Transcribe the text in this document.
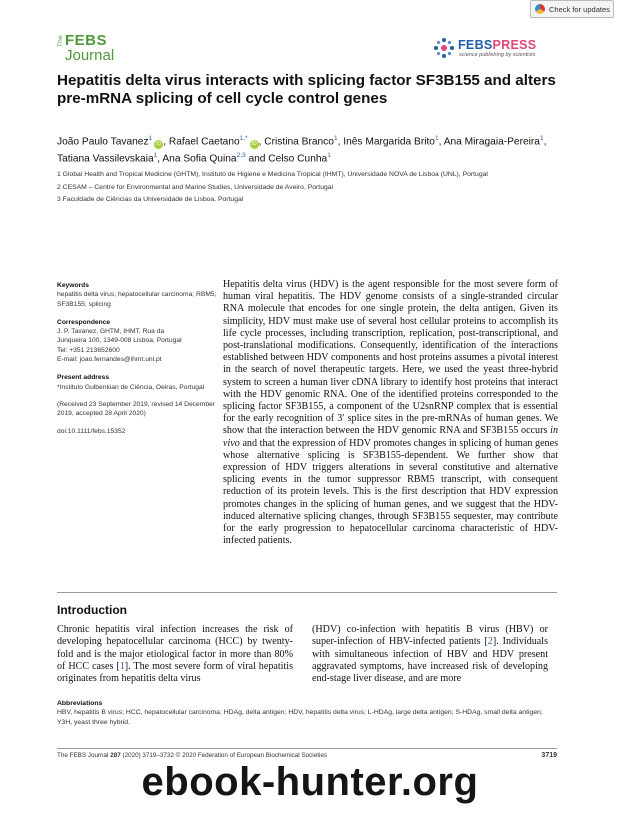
Check for updates
The FEBS
Journal
FEBSPRESS
science publishing by scientists
Hepatitis delta virus interacts with splicing factor SF3B155 and alters pre-mRNA splicing of cell cycle control genes
João Paulo Tavanez$^1$iD , Rafael Caetano$^{1,*}$iD , Cristina Branco$^1$, Inês Margarida Brito$^1$, Ana Miragaia-Pereira$^1$, Tatiana Vassilevskaia$^1$, Ana Sofia Quina$^{2,3}$ and Celso Cunha$^1$
1 Global Health and Tropical Medicine (GHTM), Instituto de Higiene e Medicina Tropical (IHMT), Universidade NOVA de Lisboa (UNL), Portugal
2 CESAM – Centre for Environmental and Marine Studies, Universidade de Aveiro, Portugal
3 Faculdade de Ciências da Universidade de Lisboa, Portugal
Keywords

hepatitis delta virus; hepatocellular carcinoma; RBM5; SF3B155; splicing

Correspondence

J. P. Tavanez, GHTM, IHMT, Rua da

Junqueira 100, 1349-008 Lisboa, Portugal

Tel: +351 213652600

E-mail: joao.fernandes@ihmt.unl.pt

Present address

*Instituto Gulbenkian de Ciência, Oeiras, Portugal

(Received 23 September 2019, revised 14 December 2019, accepted 28 April 2020)

doi:10.1111/febs.15352

Hepatitis delta virus (HDV) is the agent responsible for the most severe form of human viral hepatitis. The HDV genome consists of a single-stranded circular RNA molecule that encodes for one single protein, the delta antigen. Given its simplicity, HDV must make use of several host cellular proteins to accomplish its life cycle processes, including transcription, replication, post-transcriptional, and post-translational modifications. Consequently, identification of the interactions established between HDV components and host proteins assumes a pivotal interest in the search of novel therapeutic targets. Here, we used the yeast three-hybrid system to screen a human liver cDNA library to identify host proteins that interact with the HDV genomic RNA. One of the identified proteins corresponded to the splicing factor SF3B155, a component of the U2snRNP complex that is essential for the early recognition of 3′ splice sites in the pre-mRNAs of human genes. We show that the interaction between the HDV genomic RNA and SF3B155 occurs in vivo and that the expression of HDV promotes changes in splicing of human genes whose alternative splicing is SF3B155-dependent. We further show that expression of HDV triggers alterations in several constitutive and alternative splicing events in the tumor suppressor RBM5 transcript, with consequent reduction of its protein levels. This is the first description that HDV expression promotes changes in the splicing of human genes, and we suggest that the HDV-induced alternative splicing changes, through SF3B155 sequester, may contribute for the early progression to hepatocellular carcinoma characteristic of HDV-infected patients.

Introduction

Chronic hepatitis viral infection increases the risk of developing hepatocellular carcinoma (HCC) by twenty-fold and is the major etiological factor in more than 80% of HCC cases [1]. The most severe form of viral hepatitis originates from hepatitis delta virus

(HDV) co-infection with hepatitis B virus (HBV) or super-infection of HBV-infected patients [2]. Individuals with simultaneous infection of HBV and HDV present aggravated symptoms, have increased risk of developing end-stage liver disease, and are more

Abbreviations
HBV, hepatitis B virus; HCC, hepatocellular carcinoma; HDAg, delta antigen; HDV, hepatitis delta virus; L-HDAg, large delta antigen; S-HDAg, small delta antigen; Y3H, yeast three hybrid.
The FEBS Journal 287 (2020) 3719–3732 © 2020 Federation of European Biochemical Societies	3719
ebook-hunter.org
